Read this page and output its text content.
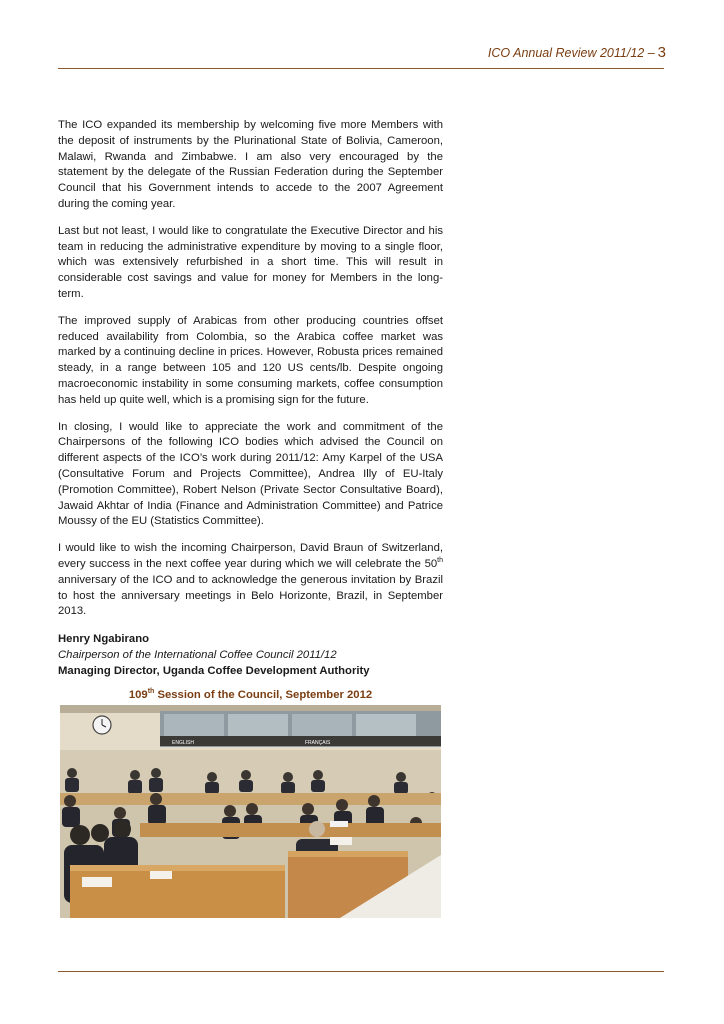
ICO Annual Review 2011/12 – 3

The ICO expanded its membership by welcoming five more Members with the deposit of instruments by the Plurinational State of Bolivia, Cameroon, Malawi, Rwanda and Zimbabwe. I am also very encouraged by the statement by the delegate of the Russian Federation during the September Council that his Government intends to accede to the 2007 Agreement during the coming year.

Last but not least, I would like to congratulate the Executive Director and his team in reducing the administrative expenditure by moving to a single floor, which was extensively refurbished in a short time. This will result in considerable cost savings and value for money for Members in the long-term.

The improved supply of Arabicas from other producing countries offset reduced availability from Colombia, so the Arabica coffee market was marked by a continuing decline in prices. However, Robusta prices remained steady, in a range between 105 and 120 US cents/lb. Despite ongoing macroeconomic instability in some consuming markets, coffee consumption has held up quite well, which is a promising sign for the future.

In closing, I would like to appreciate the work and commitment of the Chairpersons of the following ICO bodies which advised the Council on different aspects of the ICO’s work during 2011/12: Amy Karpel of the USA (Consultative Forum and Projects Committee), Andrea Illy of EU-Italy (Promotion Committee), Robert Nelson (Private Sector Consultative Board), Jawaid Akhtar of India (Finance and Administration Committee) and Patrice Moussy of the EU (Statistics Committee).

I would like to wish the incoming Chairperson, David Braun of Switzerland, every success in the next coffee year during which we will celebrate the 50th anniversary of the ICO and to acknowledge the generous invitation by Brazil to host the anniversary meetings in Belo Horizonte, Brazil, in September 2013.

Henry Ngabirano

Chairperson of the International Coffee Council 2011/12

Managing Director, Uganda Coffee Development Authority

109th Session of the Council, September 2012
ENGLISH	FRANÇAIS
